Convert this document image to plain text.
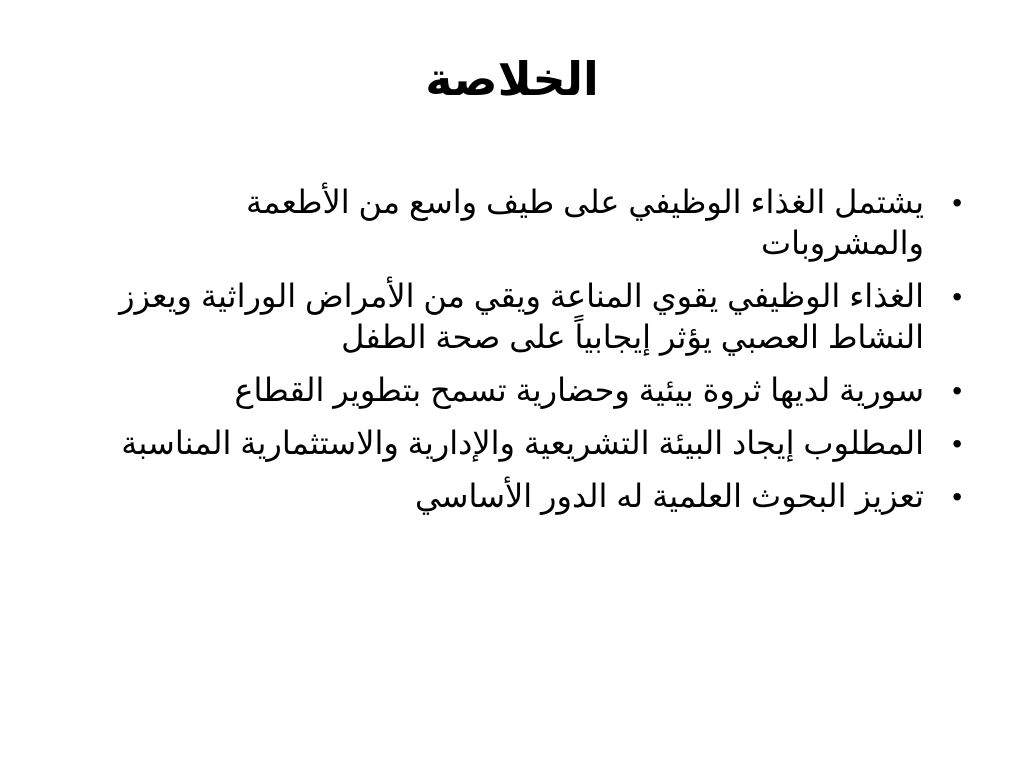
الخلاصة
•
يشتمل الغذاء الوظيفي على طيف واسع من الأطعمة والمشروبات
•
الغذاء الوظيفي يقوي المناعة ويقي من الأمراض الوراثية ويعزز النشاط العصبي يؤثر إيجابياً على صحة الطفل
•
سورية لديها ثروة بيئية وحضارية تسمح بتطوير القطاع
•
المطلوب إيجاد البيئة التشريعية والإدارية والاستثمارية المناسبة
•
تعزيز البحوث العلمية له الدور الأساسي
